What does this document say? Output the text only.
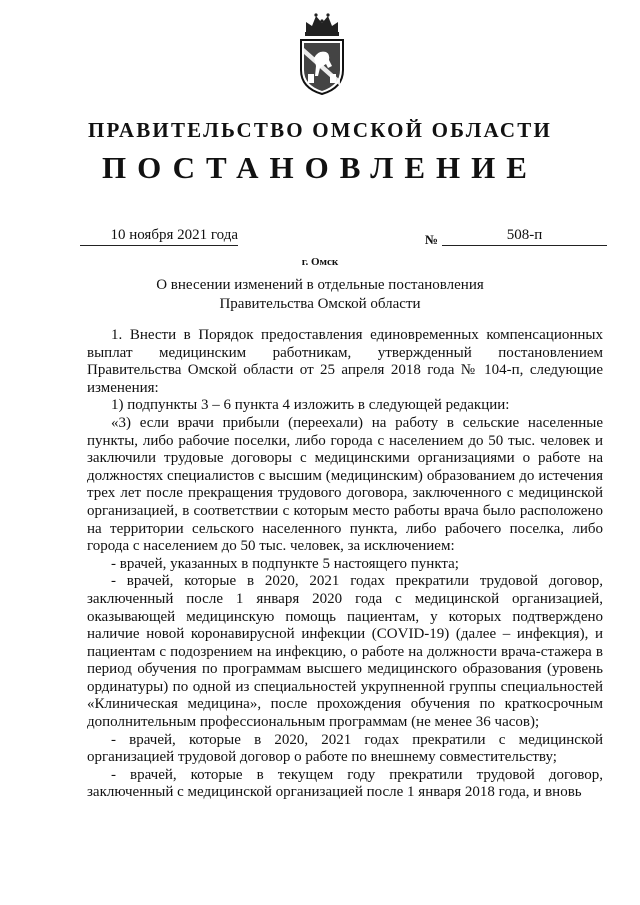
ПРАВИТЕЛЬСТВО ОМСКОЙ ОБЛАСТИ
ПОСТАНОВЛЕНИЕ
10 ноября 2021 года	№	508-п
г. Омск
О внесении изменений в отдельные постановления
Правительства Омской области

1. Внести в Порядок предоставления единовременных компенсационных выплат медицинским работникам, утвержденный постановлением Правительства Омской области от 25 апреля 2018 года № 104-п, следующие изменения:

1) подпункты 3 – 6 пункта 4 изложить в следующей редакции:

«3) если врачи прибыли (переехали) на работу в сельские населенные пункты, либо рабочие поселки, либо города с населением до 50 тыс. человек и заключили трудовые договоры с медицинскими организациями о работе на должностях специалистов с высшим (медицинским) образованием до истечения трех лет после прекращения трудового договора, заключенного с медицинской организацией, в соответствии с которым место работы врача было расположено на территории сельского населенного пункта, либо рабочего поселка, либо города с населением до 50 тыс. человек, за исключением:

- врачей, указанных в подпункте 5 настоящего пункта;

- врачей, которые в 2020, 2021 годах прекратили трудовой договор, заключенный после 1 января 2020 года с медицинской организацией, оказывающей медицинскую помощь пациентам, у которых подтверждено наличие новой коронавирусной инфекции (COVID-19) (далее – инфекция), и пациентам с подозрением на инфекцию, о работе на должности врача-стажера в период обучения по программам высшего медицинского образования (уровень ординатуры) по одной из специальностей укрупненной группы специальностей «Клиническая медицина», после прохождения обучения по краткосрочным дополнительным профессиональным программам (не менее 36 часов);

- врачей, которые в 2020, 2021 годах прекратили с медицинской организацией трудовой договор о работе по внешнему совместительству;

- врачей, которые в текущем году прекратили трудовой договор, заключенный с медицинской организацией после 1 января 2018 года, и вновь
